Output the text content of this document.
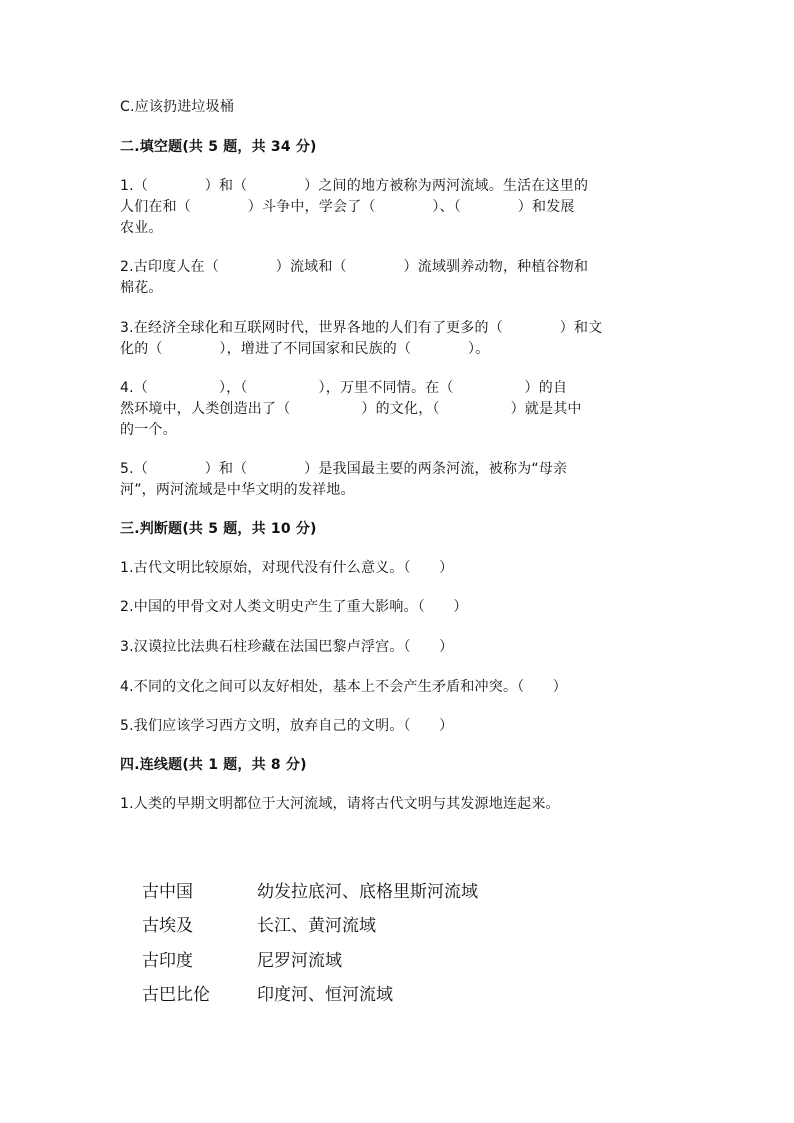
C.应该扔进垃圾桶
二.填空题(共 5 题，共 34 分)
1.（　　　　）和（　　　　）之间的地方被称为两河流域。生活在这里的
人们在和（　　　　）斗争中，学会了（　　　　）、（　　　　）和发展
农业。
2.古印度人在（　　　　）流域和（　　　　）流域驯养动物，种植谷物和
棉花。
3.在经济全球化和互联网时代，世界各地的人们有了更多的（　　　　）和文
化的（　　　　），增进了不同国家和民族的（　　　　）。
4.（　　　　　），（　　　　　），万里不同情。在（　　　　　）的自
然环境中，人类创造出了（　　　　　）的文化，（　　　　　）就是其中
的一个。
5.（　　　　）和（　　　　）是我国最主要的两条河流，被称为“母亲
河”，两河流域是中华文明的发祥地。
三.判断题(共 5 题，共 10 分)
1.古代文明比较原始，对现代没有什么意义。（　　）
2.中国的甲骨文对人类文明史产生了重大影响。（　　）
3.汉谟拉比法典石柱珍藏在法国巴黎卢浮宫。（　　）
4.不同的文化之间可以友好相处，基本上不会产生矛盾和冲突。（　　）
5.我们应该学习西方文明，放弃自己的文明。（　　）
四.连线题(共 1 题，共 8 分)
1.人类的早期文明都位于大河流域，请将古代文明与其发源地连起来。
古中国
古埃及
古印度
古巴比伦
幼发拉底河、底格里斯河流域
长江、黄河流域
尼罗河流域
印度河、恒河流域
